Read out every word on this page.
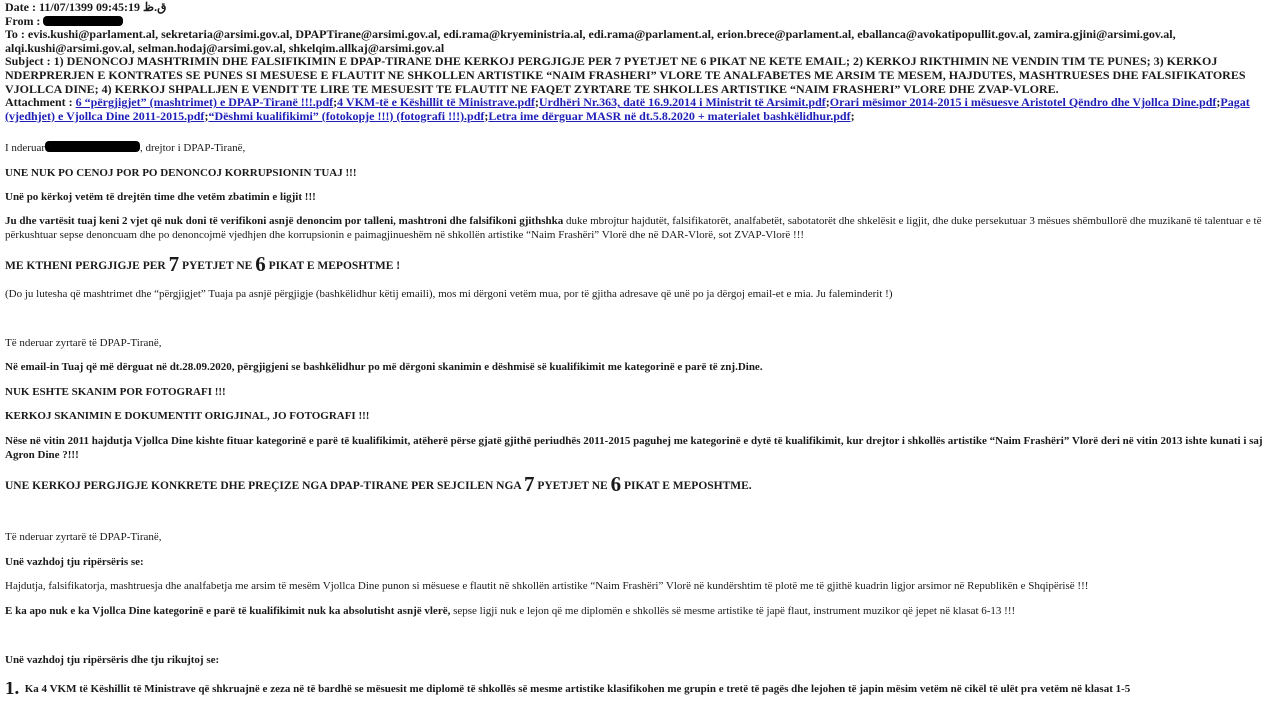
Date : 11/07/1399 09:45:19 ق.ظ
From :
To : evis.kushi@parlament.al, sekretaria@arsimi.gov.al, DPAPTirane@arsimi.gov.al, edi.rama@kryeministria.al, edi.rama@parlament.al, erion.brece@parlament.al, eballanca@avokatipopullit.gov.al, zamira.gjini@arsimi.gov.al, alqi.kushi@arsimi.gov.al, selman.hodaj@arsimi.gov.al, shkelqim.allkaj@arsimi.gov.al
Subject : 1) DENONCOJ MASHTRIMIN DHE FALSIFIKIMIN E DPAP-TIRANE DHE KERKOJ PERGJIGJE PER 7 PYETJET NE 6 PIKAT NE KETE EMAIL; 2) KERKOJ RIKTHIMIN NE VENDIN TIM TE PUNES; 3) KERKOJ NDERPRERJEN E KONTRATES SE PUNES SI MESUESE E FLAUTIT NE SHKOLLEN ARTISTIKE “NAIM FRASHERI” VLORE TE ANALFABETES ME ARSIM TE MESEM, HAJDUTES, MASHTRUESES DHE FALSIFIKATORES VJOLLCA DINE; 4) KERKOJ SHPALLJEN E VENDIT TE LIRE TE MESUESIT TE FLAUTIT NE FAQET ZYRTARE TE SHKOLLES ARTISTIKE “NAIM FRASHERI” VLORE DHE ZVAP-VLORE.
Attachment : 6 “përgjigjet” (mashtrimet) e DPAP-Tiranë !!!.pdf;4 VKM-të e Këshillit të Ministrave.pdf;Urdhëri Nr.363, datë 16.9.2014 i Ministrit të Arsimit.pdf;Orari mësimor 2014-2015 i mësuesve Aristotel Qëndro dhe Vjollca Dine.pdf;Pagat (vjedhjet) e Vjollca Dine 2011-2015.pdf;“Dëshmi kualifikimi” (fotokopje !!!) (fotografi !!!).pdf;Letra ime dërguar MASR në dt.5.8.2020 + materialet bashkëlidhur.pdf;

I nderuar	, drejtor i DPAP-Tiranë,

UNE NUK PO CENOJ POR PO DENONCOJ KORRUPSIONIN TUAJ !!!

Unë po kërkoj vetëm të drejtën time dhe vetëm zbatimin e ligjit !!!

Ju dhe vartësit tuaj keni 2 vjet që nuk doni të verifikoni asnjë denoncim por talleni, mashtroni dhe falsifikoni gjithshka duke mbrojtur hajdutët, falsifikatorët, analfabetët, sabotatorët dhe shkelësit e ligjit, dhe duke persekutuar 3 mësues shëmbullorë dhe muzikanë të talentuar e të përkushtuar sepse denoncuam dhe po denoncojmë vjedhjen dhe korrupsionin e paimagjinueshëm në shkollën artistike “Naim Frashëri” Vlorë dhe në DAR-Vlorë, sot ZVAP-Vlorë !!!

ME KTHENI PERGJIGJE PER 7 PYETJET NE 6 PIKAT E MEPOSHTME !

(Do ju lutesha që mashtrimet dhe “përgjigjet” Tuaja pa asnjë përgjigje (bashkëlidhur këtij emaili), mos mi dërgoni vetëm mua, por të gjitha adresave që unë po ja dërgoj email-et e mia. Ju faleminderit !)

Të nderuar zyrtarë të DPAP-Tiranë,

Në email-in Tuaj që më dërguat në dt.28.09.2020, përgjigjeni se bashkëlidhur po më dërgoni skanimin e dëshmisë së kualifikimit me kategorinë e parë të znj.Dine.

NUK ESHTE SKANIM POR FOTOGRAFI !!!

KERKOJ SKANIMIN E DOKUMENTIT ORIGJINAL, JO FOTOGRAFI !!!

Nëse në vitin 2011 hajdutja Vjollca Dine kishte fituar kategorinë e parë të kualifikimit, atëherë përse gjatë gjithë periudhës 2011-2015 paguhej me kategorinë e dytë të kualifikimit, kur drejtor i shkollës artistike “Naim Frashëri” Vlorë deri në vitin 2013 ishte kunati i saj Agron Dine ?!!!

UNE KERKOJ PERGJIGJE KONKRETE DHE PREÇIZE NGA DPAP-TIRANE PER SEJCILEN NGA 7 PYETJET NE 6 PIKAT E MEPOSHTME.

Të nderuar zyrtarë të DPAP-Tiranë,

Unë vazhdoj tju ripërsëris se:

Hajdutja, falsifikatorja, mashtruesja dhe analfabetja me arsim të mesëm Vjollca Dine punon si mësuese e flautit në shkollën artistike “Naim Frashëri” Vlorë në kundërshtim të plotë me të gjithë kuadrin ligjor arsimor në Republikën e Shqipërisë !!!

E ka apo nuk e ka Vjollca Dine kategorinë e parë të kualifikimit nuk ka absolutisht asnjë vlerë, sepse ligji nuk e lejon që me diplomën e shkollës së mesme artistike të japë flaut, instrument muzikor që jepet në klasat 6-13 !!!

Unë vazhdoj tju ripërsëris dhe tju rikujtoj se:

1. Ka 4 VKM të Këshillit të Ministrave që shkruajnë e zeza në të bardhë se mësuesit me diplomë të shkollës së mesme artistike klasifikohen me grupin e tretë të pagës dhe lejohen të japin mësim vetëm në cikël të ulët pra vetëm në klasat 1-5
